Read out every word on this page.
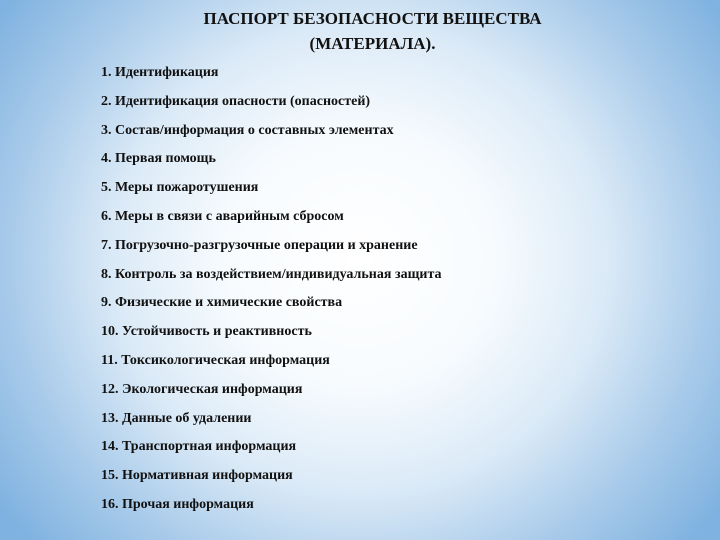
ПАСПОРТ БЕЗОПАСНОСТИ ВЕЩЕСТВА
(МАТЕРИАЛА).
1. Идентификация
2. Идентификация опасности (опасностей)
3. Состав/информация о составных элементах
4. Первая помощь
5. Меры пожаротушения
6. Меры в связи с аварийным сбросом
7. Погрузочно-разгрузочные операции и хранение
8. Контроль за воздействием/индивидуальная защита
9. Физические и химические свойства
10. Устойчивость и реактивность
11. Токсикологическая информация
12. Экологическая информация
13. Данные об удалении
14. Транспортная информация
15. Нормативная информация
16. Прочая информация
